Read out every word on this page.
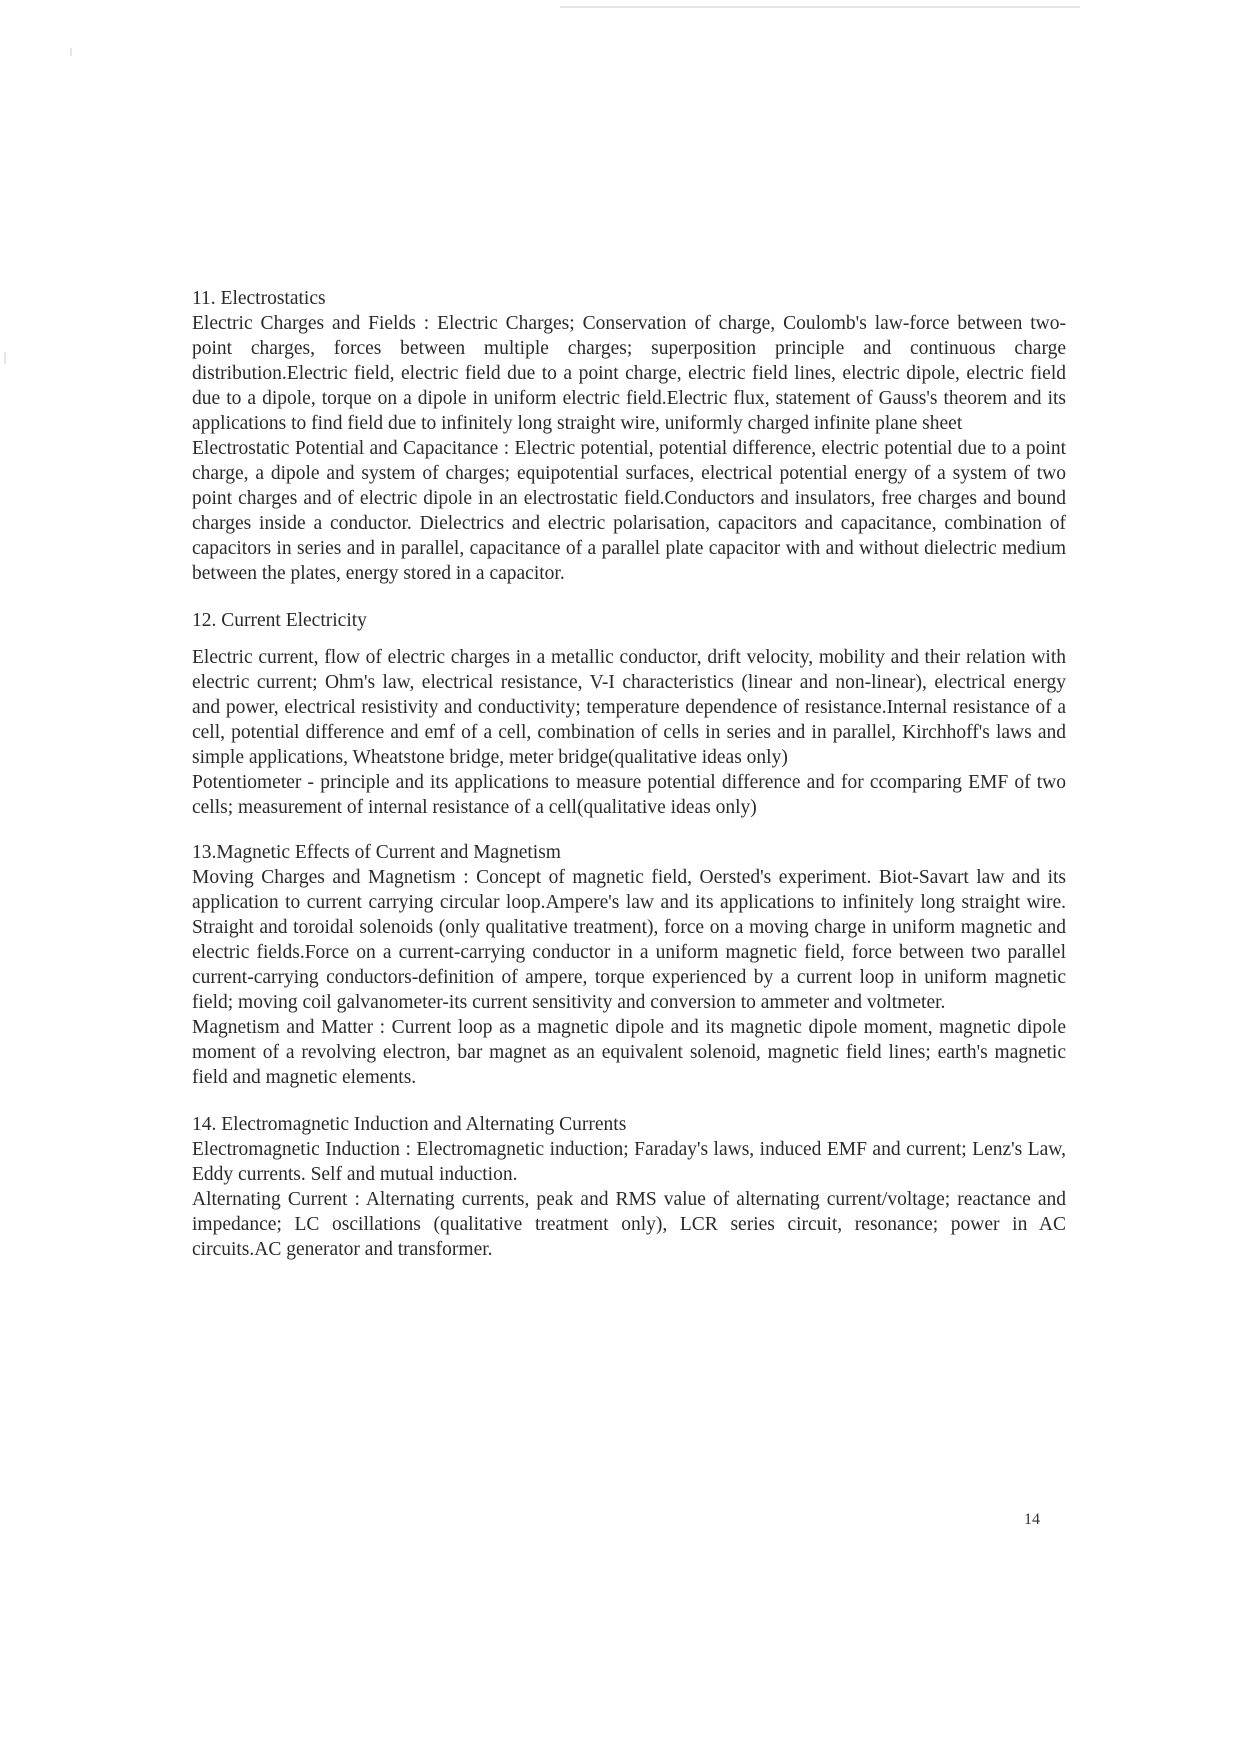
11. Electrostatics

Electric Charges and Fields : Electric Charges; Conservation of charge, Coulomb's law-force between two-point charges, forces between multiple charges; superposition principle and continuous charge distribution.Electric field, electric field due to a point charge, electric field lines, electric dipole, electric field due to a dipole, torque on a dipole in uniform electric field.Electric flux, statement of Gauss's theorem and its applications to find field due to infinitely long straight wire, uniformly charged infinite plane sheet

Electrostatic Potential and Capacitance : Electric potential, potential difference, electric potential due to a point charge, a dipole and system of charges; equipotential surfaces, electrical potential energy of a system of two point charges and of electric dipole in an electrostatic field.Conductors and insulators, free charges and bound charges inside a conductor. Dielectrics and electric polarisation, capacitors and capacitance, combination of capacitors in series and in parallel, capacitance of a parallel plate capacitor with and without dielectric medium between the plates, energy stored in a capacitor.

12. Current Electricity

Electric current, flow of electric charges in a metallic conductor, drift velocity, mobility and their relation with electric current; Ohm's law, electrical resistance, V-I characteristics (linear and non-linear), electrical energy and power, electrical resistivity and conductivity; temperature dependence of resistance.Internal resistance of a cell, potential difference and emf of a cell, combination of cells in series and in parallel, Kirchhoff's laws and simple applications, Wheatstone bridge, meter bridge(qualitative ideas only)

Potentiometer - principle and its applications to measure potential difference and for ccomparing EMF of two cells; measurement of internal resistance of a cell(qualitative ideas only)

13.Magnetic Effects of Current and Magnetism

Moving Charges and Magnetism : Concept of magnetic field, Oersted's experiment. Biot-Savart law and its application to current carrying circular loop.Ampere's law and its applications to infinitely long straight wire. Straight and toroidal solenoids (only qualitative treatment), force on a moving charge in uniform magnetic and electric fields.Force on a current-carrying conductor in a uniform magnetic field, force between two parallel current-carrying conductors-definition of ampere, torque experienced by a current loop in uniform magnetic field; moving coil galvanometer-its current sensitivity and conversion to ammeter and voltmeter.

Magnetism and Matter : Current loop as a magnetic dipole and its magnetic dipole moment, magnetic dipole moment of a revolving electron, bar magnet as an equivalent solenoid, magnetic field lines; earth's magnetic field and magnetic elements.

14. Electromagnetic Induction and Alternating Currents

Electromagnetic Induction : Electromagnetic induction; Faraday's laws, induced EMF and current; Lenz's Law, Eddy currents. Self and mutual induction.

Alternating Current : Alternating currents, peak and RMS value of alternating current/voltage; reactance and impedance; LC oscillations (qualitative treatment only), LCR series circuit, resonance; power in AC circuits.AC generator and transformer.

14
